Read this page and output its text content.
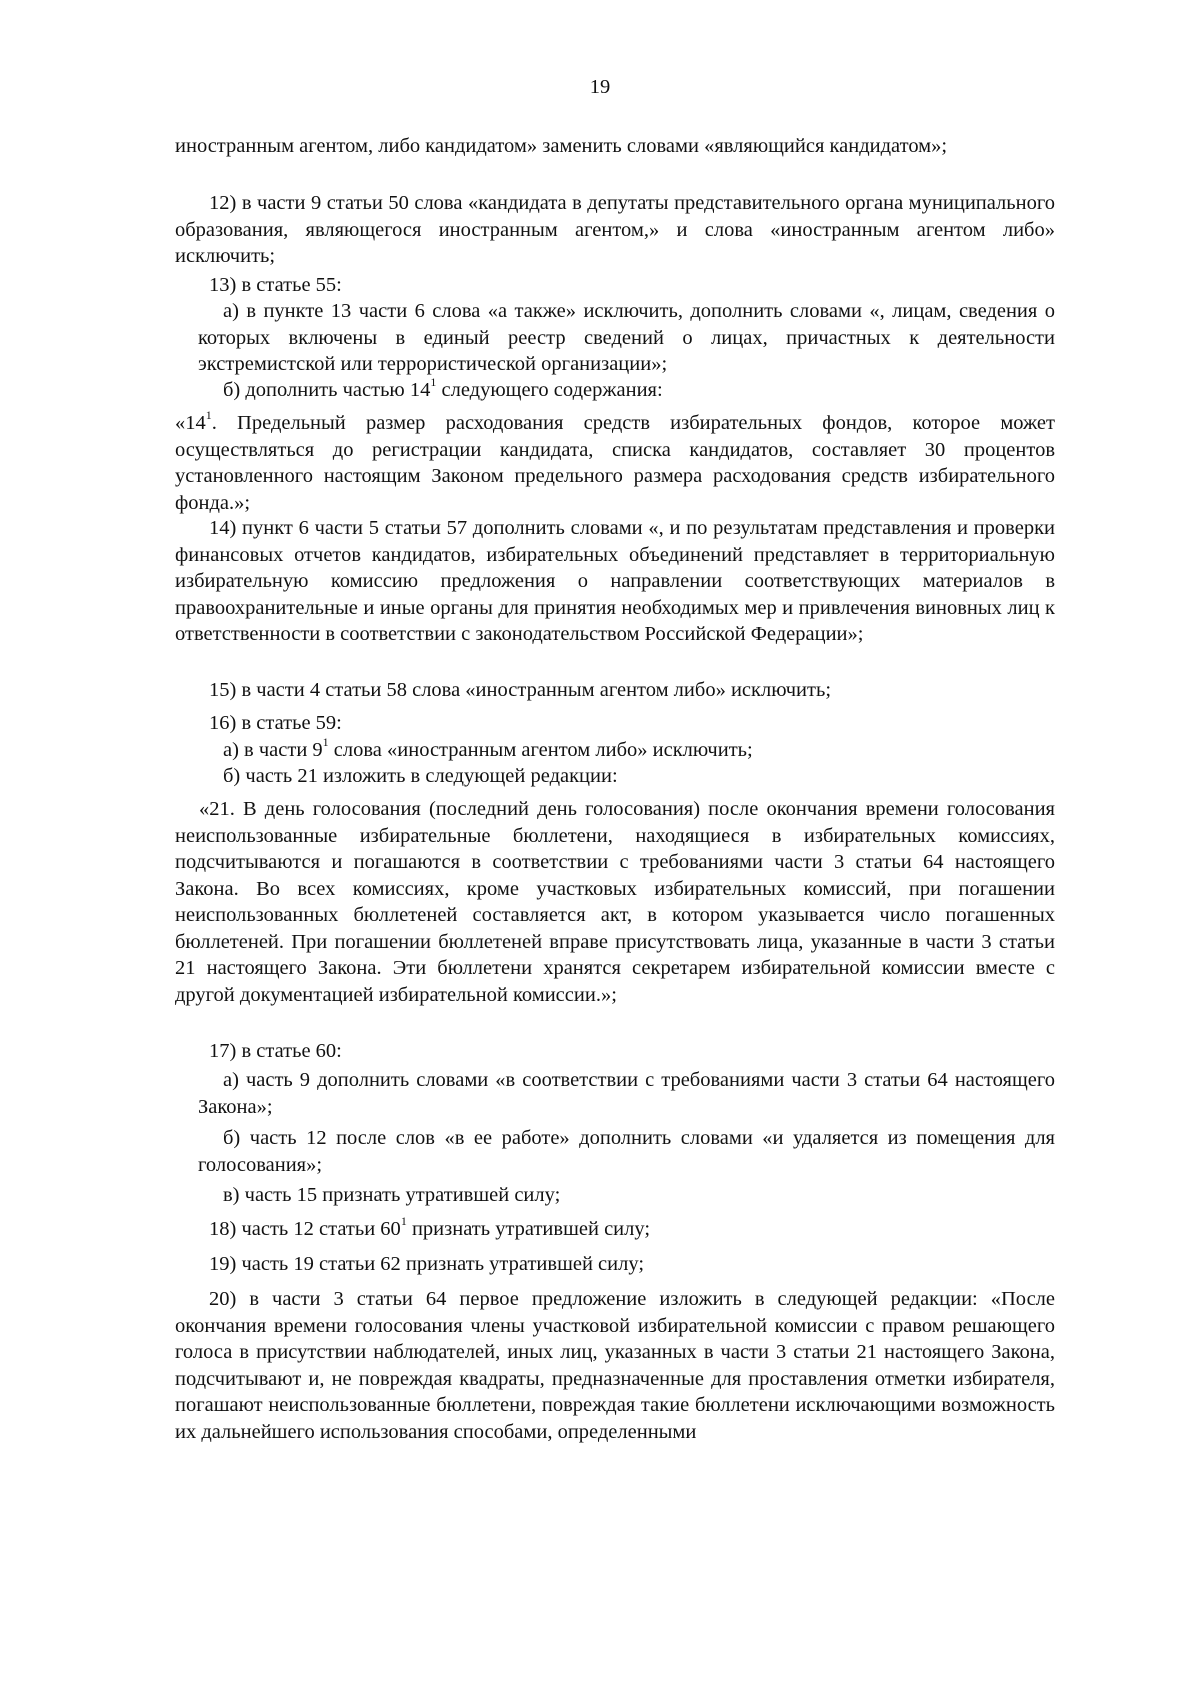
19
иностранным агентом, либо кандидатом» заменить словами «являющийся кандидатом»;
12) в части 9 статьи 50 слова «кандидата в депутаты представительного органа муниципального образования, являющегося иностранным агентом,» и слова «иностранным агентом либо» исключить;
13) в статье 55:
а) в пункте 13 части 6 слова «а также» исключить, дополнить словами «, лицам, сведения о которых включены в единый реестр сведений о лицах, причастных к деятельности экстремистской или террористической организации»;
б) дополнить частью $14^1$ следующего содержания:
«$14^1$. Предельный размер расходования средств избирательных фондов, которое может осуществляться до регистрации кандидата, списка кандидатов, составляет 30 процентов установленного настоящим Законом предельного размера расходования средств избирательного фонда.»;
14) пункт 6 части 5 статьи 57 дополнить словами «, и по результатам представления и проверки финансовых отчетов кандидатов, избирательных объединений представляет в территориальную избирательную комиссию предложения о направлении соответствующих материалов в правоохранительные и иные органы для принятия необходимых мер и привлечения виновных лиц к ответственности в соответствии с законодательством Российской Федерации»;
15) в части 4 статьи 58 слова «иностранным агентом либо» исключить;
16) в статье 59:
а) в части $9^1$ слова «иностранным агентом либо» исключить;
б) часть 21 изложить в следующей редакции:
«21. В день голосования (последний день голосования) после окончания времени голосования неиспользованные избирательные бюллетени, находящиеся в избирательных комиссиях, подсчитываются и погашаются в соответствии с требованиями части 3 статьи 64 настоящего Закона. Во всех комиссиях, кроме участковых избирательных комиссий, при погашении неиспользованных бюллетеней составляется акт, в котором указывается число погашенных бюллетеней. При погашении бюллетеней вправе присутствовать лица, указанные в части 3 статьи 21 настоящего Закона. Эти бюллетени хранятся секретарем избирательной комиссии вместе с другой документацией избирательной комиссии.»;
17) в статье 60:
а) часть 9 дополнить словами «в соответствии с требованиями части 3 статьи 64 настоящего Закона»;
б) часть 12 после слов «в ее работе» дополнить словами «и удаляется из помещения для голосования»;
в) часть 15 признать утратившей силу;
18) часть 12 статьи $60^1$ признать утратившей силу;
19) часть 19 статьи 62 признать утратившей силу;
20) в части 3 статьи 64 первое предложение изложить в следующей редакции: «После окончания времени голосования члены участковой избирательной комиссии с правом решающего голоса в присутствии наблюдателей, иных лиц, указанных в части 3 статьи 21 настоящего Закона, подсчитывают и, не повреждая квадраты, предназначенные для проставления отметки избирателя, погашают неиспользованные бюллетени, повреждая такие бюллетени исключающими возможность их дальнейшего использования способами, определенными
